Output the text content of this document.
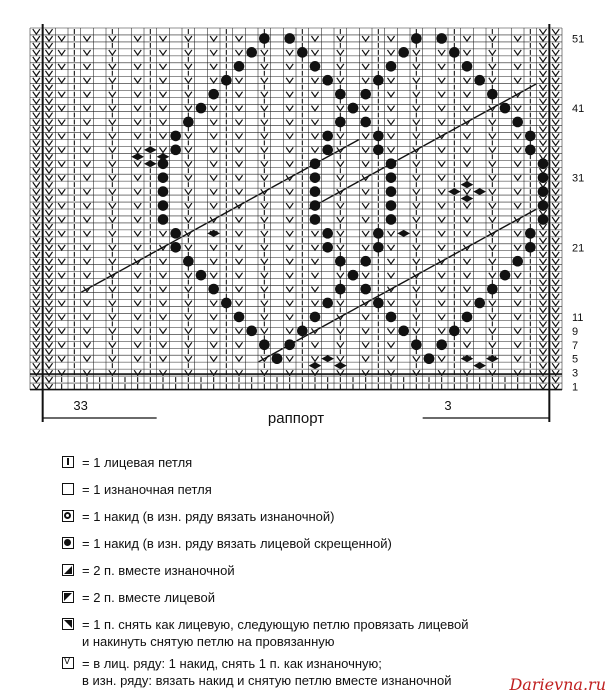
51
41
31
21
11
9
7
5
3
1
раппорт
33	3
= 1 лицевая петля
= 1 изнаночная петля
= 1 накид (в изн. ряду вязать изнаночной)
= 1 накид (в изн. ряду вязать лицевой скрещенной)
= 2 п. вместе изнаночной
= 2 п. вместе лицевой
= 1 п. снять как лицевую, следующую петлю провязать лицевой
и накинуть снятую петлю на провязанную
V = в лиц. ряду: 1 накид, снять 1 п. как изнаночную;
в изн. ряду: вязать накид и снятую петлю вместе изнаночной	Darievna.ru
